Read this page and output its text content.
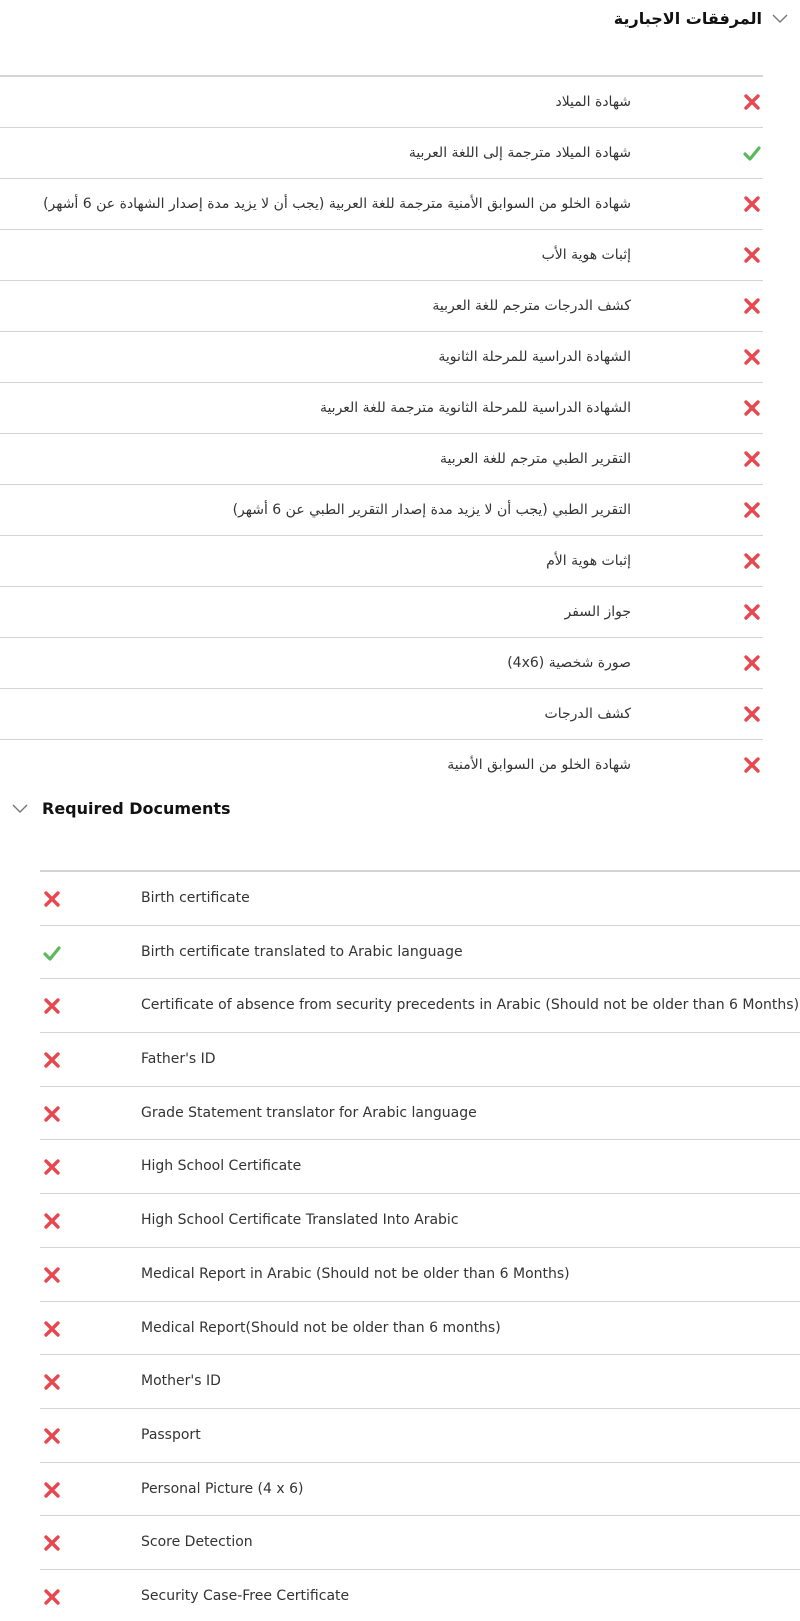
المرفقات الاجبارية
شهادة الميلاد
شهادة الميلاد مترجمة إلى اللغة العربية
شهادة الخلو من السوابق الأمنية مترجمة للغة العربية (يجب أن لا يزيد مدة إصدار الشهادة عن 6 أشهر)
إثبات هوية الأب
كشف الدرجات مترجم للغة العربية
الشهادة الدراسية للمرحلة الثانوية
الشهادة الدراسية للمرحلة الثانوية مترجمة للغة العربية
التقرير الطبي مترجم للغة العربية
التقرير الطبي (يجب أن لا يزيد مدة إصدار التقرير الطبي عن 6 أشهر)
إثبات هوية الأم
جواز السفر
صورة شخصية (4x6)
كشف الدرجات
شهادة الخلو من السوابق الأمنية
Required Documents
Birth certificate
Birth certificate translated to Arabic language
Certificate of absence from security precedents in Arabic (Should not be older than 6 Months)
Father's ID
Grade Statement translator for Arabic language
High School Certificate
High School Certificate Translated Into Arabic
Medical Report in Arabic (Should not be older than 6 Months)
Medical Report(Should not be older than 6 months)
Mother's ID
Passport
Personal Picture (4 x 6)
Score Detection
Security Case-Free Certificate
